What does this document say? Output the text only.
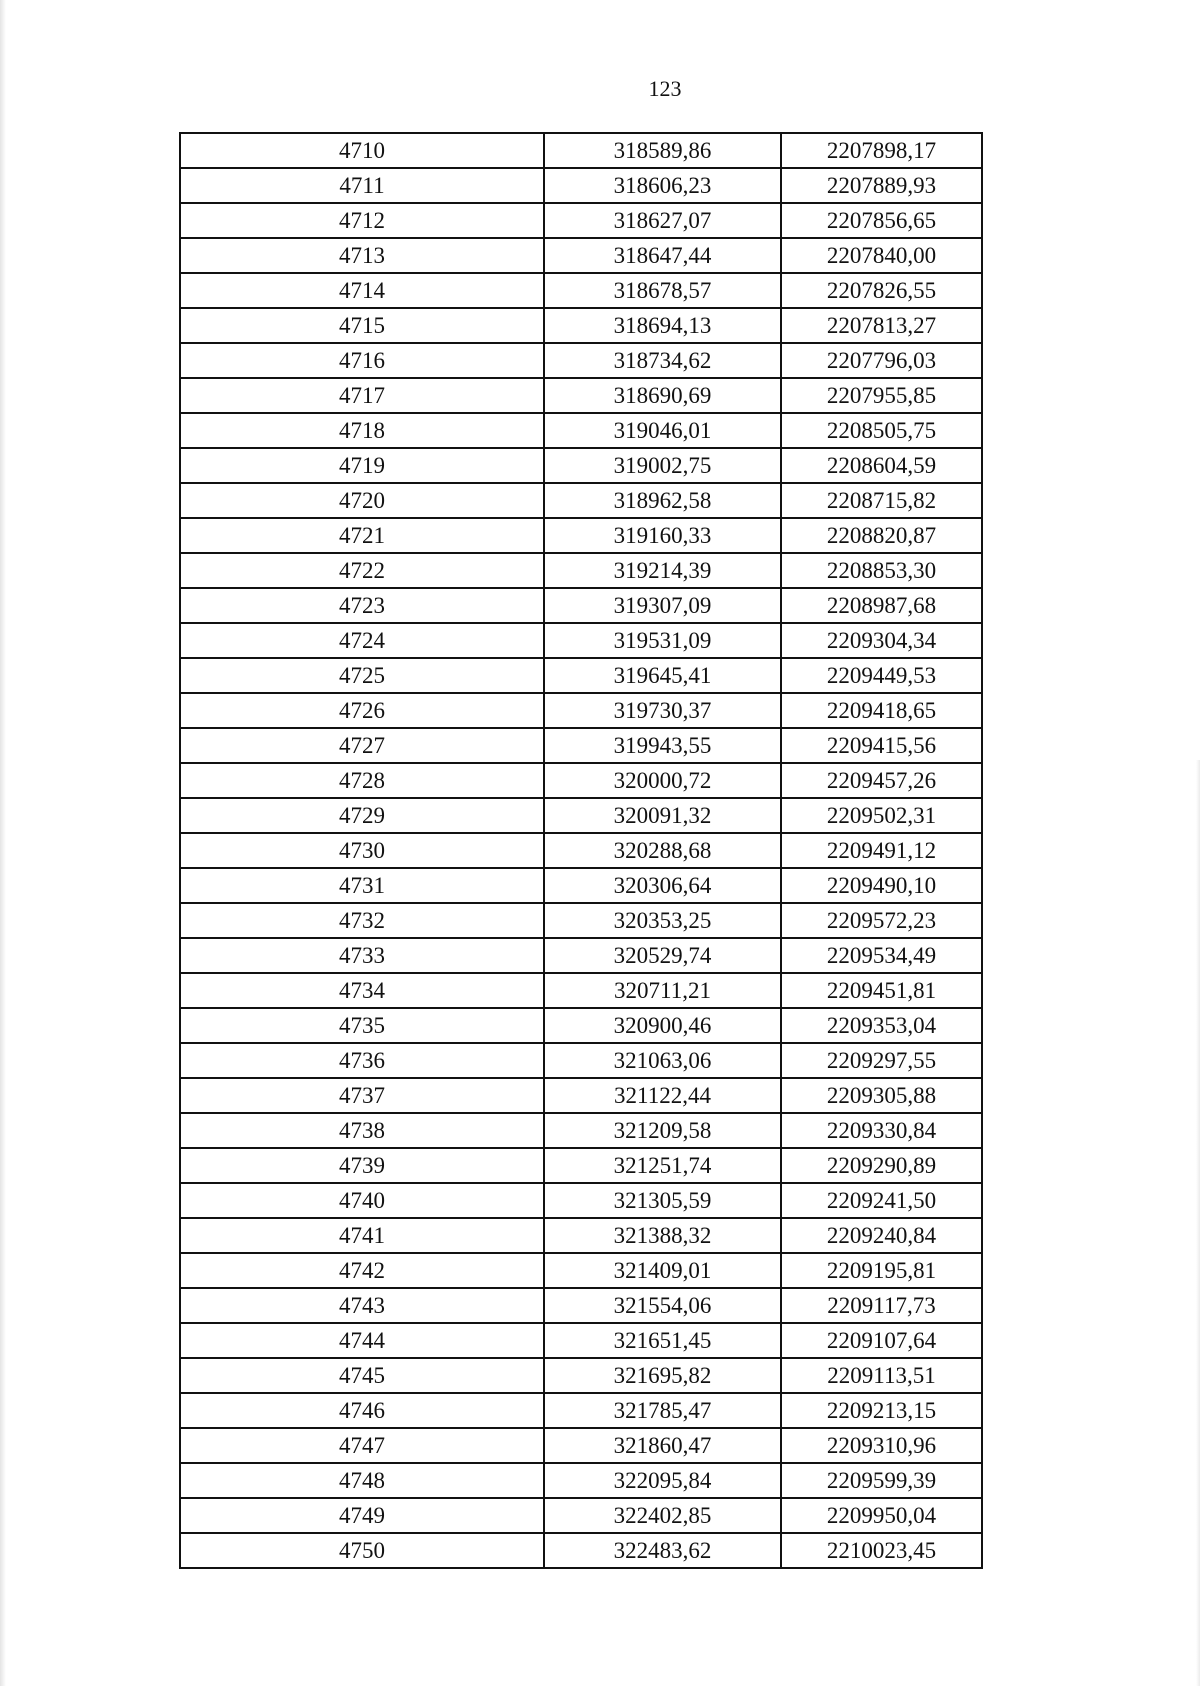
123
4710	318589,86	2207898,17
4711	318606,23	2207889,93
4712	318627,07	2207856,65
4713	318647,44	2207840,00
4714	318678,57	2207826,55
4715	318694,13	2207813,27
4716	318734,62	2207796,03
4717	318690,69	2207955,85
4718	319046,01	2208505,75
4719	319002,75	2208604,59
4720	318962,58	2208715,82
4721	319160,33	2208820,87
4722	319214,39	2208853,30
4723	319307,09	2208987,68
4724	319531,09	2209304,34
4725	319645,41	2209449,53
4726	319730,37	2209418,65
4727	319943,55	2209415,56
4728	320000,72	2209457,26
4729	320091,32	2209502,31
4730	320288,68	2209491,12
4731	320306,64	2209490,10
4732	320353,25	2209572,23
4733	320529,74	2209534,49
4734	320711,21	2209451,81
4735	320900,46	2209353,04
4736	321063,06	2209297,55
4737	321122,44	2209305,88
4738	321209,58	2209330,84
4739	321251,74	2209290,89
4740	321305,59	2209241,50
4741	321388,32	2209240,84
4742	321409,01	2209195,81
4743	321554,06	2209117,73
4744	321651,45	2209107,64
4745	321695,82	2209113,51
4746	321785,47	2209213,15
4747	321860,47	2209310,96
4748	322095,84	2209599,39
4749	322402,85	2209950,04
4750	322483,62	2210023,45
